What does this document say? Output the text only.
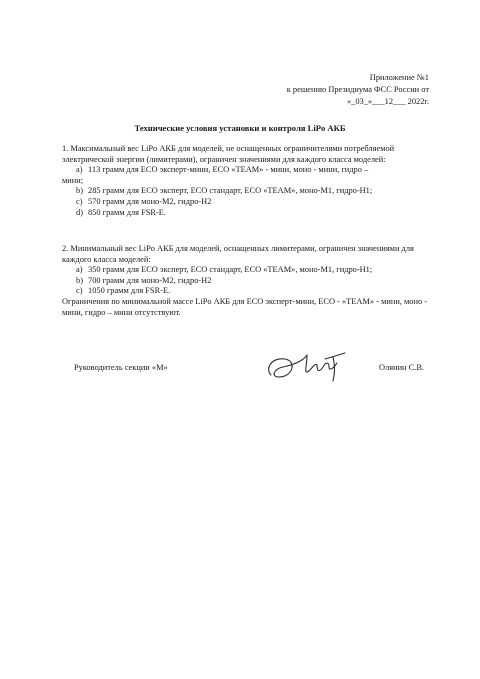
Приложение №1
к решению Президиума ФСС России от
«_03_»___12___ 2022г.
Технические условия установки и контроля LiPo АКБ

1. Максимальный вес LiPo АКБ для моделей, не оснащенных ограничителями потребляемой электрической энергии (лимитерами), ограничен значениями для каждого класса моделей:

a) 113 грамм для ECO эксперт-мини, ECO «TEAM» - мини, моно - мини, гидро –

мини;

b) 285 грамм для ECO эксперт, ECO стандарт, ECO «TEAM», моно-М1, гидро-Н1;
c) 570 грамм для моно-М2, гидро-Н2
d) 850 грамм для FSR-E.

2. Минимальный вес LiPo АКБ для моделей, оснащенных лимитерами, ограничен значениями для каждого класса моделей:

a) 350 грамм для ECO эксперт, ECO стандарт, ECO «TEAM», моно-М1, гидро-Н1;
b) 700 грамм для моно-М2, гидро-Н2
c) 1050 грамм для FSR-E.

Ограничения по минимальной массе LiPo АКБ для ECO эксперт-мини, ECO - «TEAM» - мини, моно - мини, гидро – мини отсутствуют.

Руководитель секции «М»	Олянин С.В.
